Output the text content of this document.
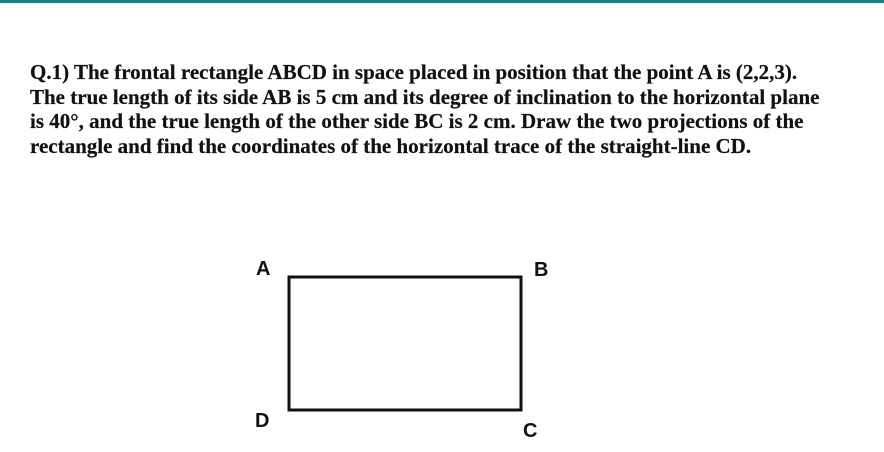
Q.1) The frontal rectangle ABCD in space placed in position that the point A is (2,2,3). The true length of its side AB is 5 cm and its degree of inclination to the horizontal plane is 40°, and the true length of the other side BC is 2 cm. Draw the two projections of the rectangle and find the coordinates of the horizontal trace of the straight-line CD.
A	B
D	C
